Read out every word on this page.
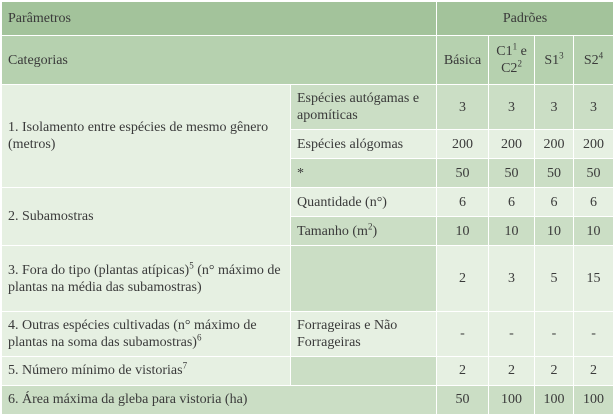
Parâmetros		Padrões			
Categorias		Básica	$C1^1$ e $C2^2$	$S1^3$	$S2^4$
1. Isolamento entre espécies de mesmo gênero (metros)	Espécies autógamas e apomíticas	3	3	3	3
	Espécies alógomas	200	200	200	200
	*	50	50	50	50
2. Subamostras	Quantidade (n°)	6	6	6	6
	Tamanho $(m^2)$	10	10	10	10
3. Fora do tipo (plantas atípicas)$^5$ (n° máximo de plantas na média das subamostras)		2	3	5	15
4. Outras espécies cultivadas (n° máximo de plantas na soma das subamostras)$^6$	Forrageiras e Não Forrageiras	-	-	-	-
5. Número mínimo de vistorias$^7$		2	2	2	2
6. Área máxima da gleba para vistoria (ha)		50	100	100	100
